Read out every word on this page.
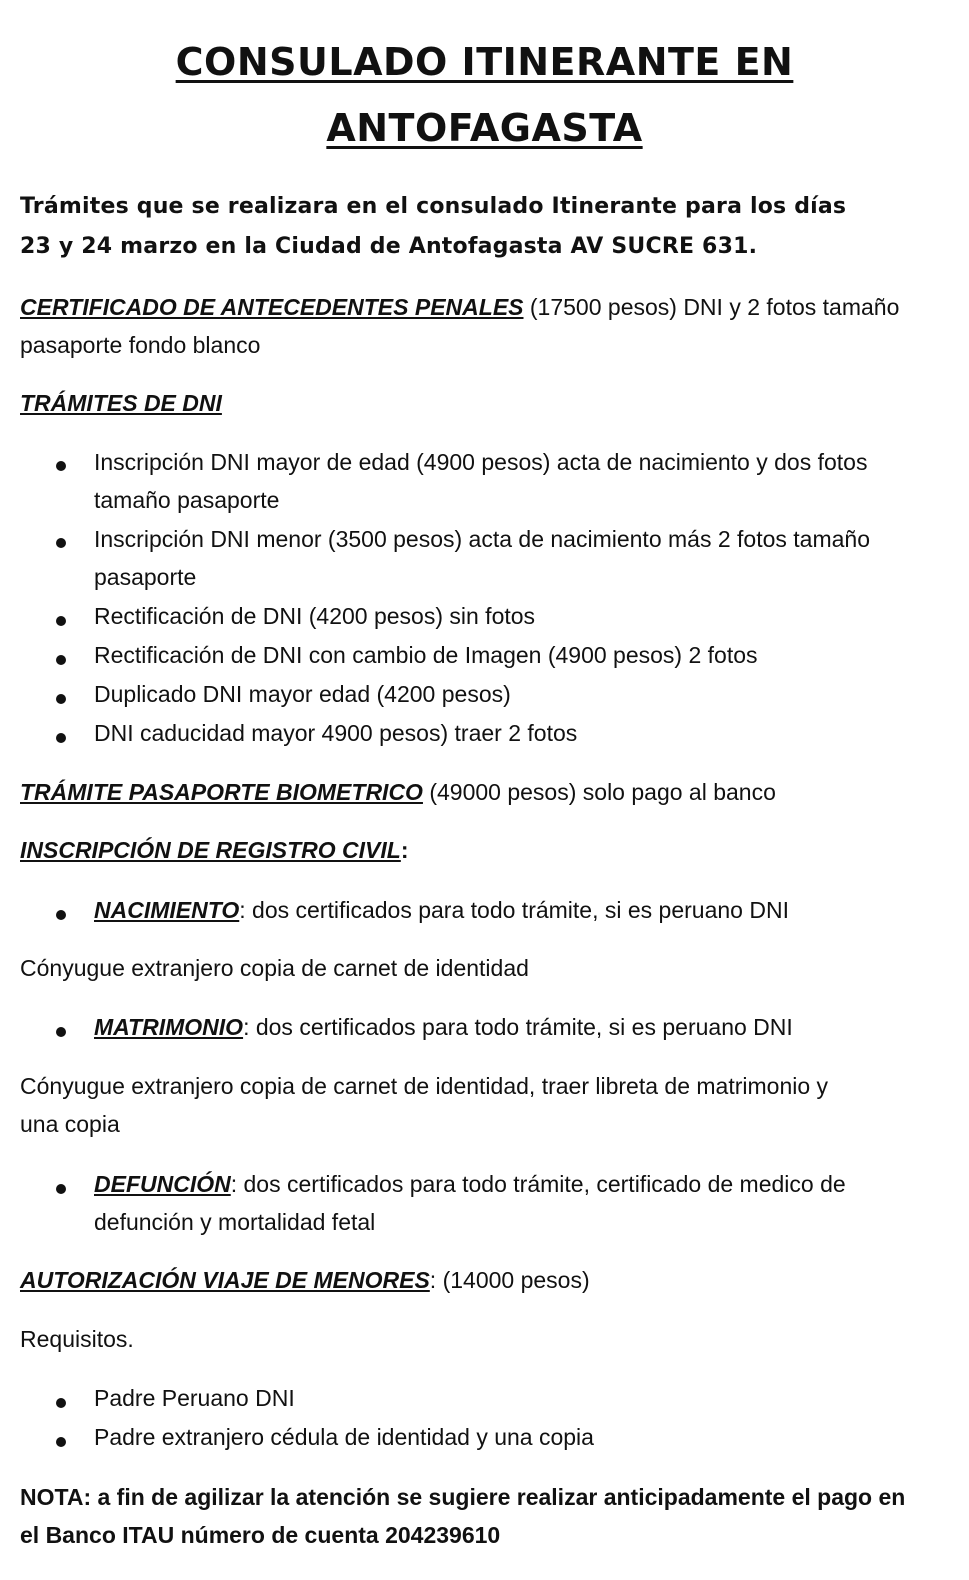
CONSULADO ITINERANTE EN
ANTOFAGASTA
Trámites que se realizara en el consulado Itinerante para los días
23 y 24 marzo en la Ciudad de Antofagasta AV SUCRE 631.
CERTIFICADO DE ANTECEDENTES PENALES (17500 pesos) DNI y 2 fotos tamaño
pasaporte fondo blanco
TRÁMITES DE DNI
Inscripción DNI mayor de edad (4900 pesos) acta de nacimiento y dos fotos
tamaño pasaporte
Inscripción DNI menor (3500 pesos) acta de nacimiento más 2 fotos tamaño
pasaporte
Rectificación de DNI (4200 pesos) sin fotos
Rectificación de DNI con cambio de Imagen (4900 pesos) 2 fotos
Duplicado DNI mayor edad (4200 pesos)
DNI caducidad mayor 4900 pesos) traer 2 fotos
TRÁMITE PASAPORTE BIOMETRICO (49000 pesos) solo pago al banco
INSCRIPCIÓN DE REGISTRO CIVIL:
NACIMIENTO: dos certificados para todo trámite, si es peruano DNI
Cónyugue extranjero copia de carnet de identidad
MATRIMONIO: dos certificados para todo trámite, si es peruano DNI
Cónyugue extranjero copia de carnet de identidad, traer libreta de matrimonio y
una copia
DEFUNCIÓN: dos certificados para todo trámite, certificado de medico de
defunción y mortalidad fetal
AUTORIZACIÓN VIAJE DE MENORES: (14000 pesos)
Requisitos.
Padre Peruano DNI
Padre extranjero cédula de identidad y una copia
NOTA: a fin de agilizar la atención se sugiere realizar anticipadamente el pago en
el Banco ITAU número de cuenta 204239610
